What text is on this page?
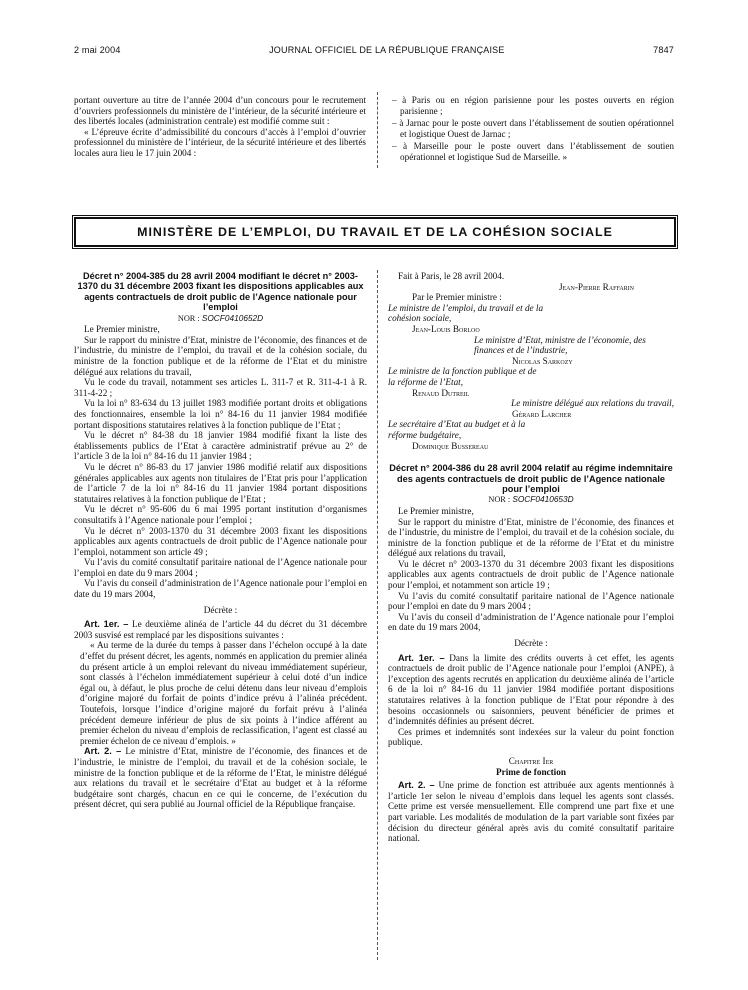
2 mai 2004	JOURNAL OFFICIEL DE LA RÉPUBLIQUE FRANÇAISE	7847

portant ouverture au titre de l’année 2004 d’un concours pour le recrutement d’ouvriers professionnels du ministère de l’intérieur, de la sécurité intérieure et des libertés locales (administration centrale) est modifié comme suit :

« L’épreuve écrite d’admissibilité du concours d’accès à l’emploi d’ouvrier professionnel du ministère de l’intérieur, de la sécurité intérieure et des libertés locales aura lieu le 17 juin 2004 :

– à Paris ou en région parisienne pour les postes ouverts en région parisienne ;

– à Jarnac pour le poste ouvert dans l’établissement de soutien opérationnel et logistique Ouest de Jarnac ;

– à Marseille pour le poste ouvert dans l’établissement de soutien opérationnel et logistique Sud de Marseille. »

MINISTÈRE DE L’EMPLOI, DU TRAVAIL ET DE LA COHÉSION SOCIALE

Décret n° 2004-385 du 28 avril 2004 modifiant le décret n° 2003-1370 du 31 décembre 2003 fixant les dispositions applicables aux agents contractuels de droit public de l’Agence nationale pour l’emploi

NOR : SOCF0410652D

Le Premier ministre,

Sur le rapport du ministre d’Etat, ministre de l’économie, des finances et de l’industrie, du ministre de l’emploi, du travail et de la cohésion sociale, du ministre de la fonction publique et de la réforme de l’Etat et du ministre délégué aux relations du travail,

Vu le code du travail, notamment ses articles L. 311-7 et R. 311-4-1 à R. 311-4-22 ;

Vu la loi n° 83-634 du 13 juillet 1983 modifiée portant droits et obligations des fonctionnaires, ensemble la loi n° 84-16 du 11 janvier 1984 modifiée portant dispositions statutaires relatives à la fonction publique de l’Etat ;

Vu le décret n° 84-38 du 18 janvier 1984 modifié fixant la liste des établissements publics de l’Etat à caractère administratif prévue au 2° de l’article 3 de la loi n° 84-16 du 11 janvier 1984 ;

Vu le décret n° 86-83 du 17 janvier 1986 modifié relatif aux dispositions générales applicables aux agents non titulaires de l’Etat pris pour l’application de l’article 7 de la loi n° 84-16 du 11 janvier 1984 portant dispositions statutaires relatives à la fonction publique de l’Etat ;

Vu le décret n° 95-606 du 6 mai 1995 portant institution d’organismes consultatifs à l’Agence nationale pour l’emploi ;

Vu le décret n° 2003-1370 du 31 décembre 2003 fixant les dispositions applicables aux agents contractuels de droit public de l’Agence nationale pour l’emploi, notamment son article 49 ;

Vu l’avis du comité consultatif paritaire national de l’Agence nationale pour l’emploi en date du 9 mars 2004 ;

Vu l’avis du conseil d’administration de l’Agence nationale pour l’emploi en date du 19 mars 2004,

Décrète :

Art. 1er. – Le deuxième alinéa de l’article 44 du décret du 31 décembre 2003 susvisé est remplacé par les dispositions suivantes :

« Au terme de la durée du temps à passer dans l’échelon occupé à la date d’effet du présent décret, les agents, nommés en application du premier alinéa du présent article à un emploi relevant du niveau immédiatement supérieur, sont classés à l’échelon immédiatement supérieur à celui doté d’un indice égal ou, à défaut, le plus proche de celui détenu dans leur niveau d’emplois d’origine majoré du forfait de points d’indice prévu à l’alinéa précédent. Toutefois, lorsque l’indice d’origine majoré du forfait prévu à l’alinéa précédent demeure inférieur de plus de six points à l’indice afférent au premier échelon du niveau d’emplois de reclassification, l’agent est classé au premier échelon de ce niveau d’emplois. »

Art. 2. – Le ministre d’Etat, ministre de l’économie, des finances et de l’industrie, le ministre de l’emploi, du travail et de la cohésion sociale, le ministre de la fonction publique et de la réforme de l’Etat, le ministre délégué aux relations du travail et le secrétaire d’Etat au budget et à la réforme budgétaire sont chargés, chacun en ce qui le concerne, de l’exécution du présent décret, qui sera publié au Journal officiel de la République française.

Fait à Paris, le 28 avril 2004.

Jean-Pierre Raffarin

Par le Premier ministre :

Le ministre de l’emploi, du travail et de la cohésion sociale,

Jean-Louis Borloo

Le ministre d’Etat, ministre de l’économie, des finances et de l’industrie,

Nicolas Sarkozy

Le ministre de la fonction publique et de la réforme de l’Etat,

Renaud Dutreil

Le ministre délégué aux relations du travail,

Gérard Larcher

Le secrétaire d’Etat au budget et à la réforme budgétaire,

Dominique Bussereau

Décret n° 2004-386 du 28 avril 2004 relatif au régime indemnitaire des agents contractuels de droit public de l’Agence nationale pour l’emploi

NOR : SOCF0410653D

Le Premier ministre,

Sur le rapport du ministre d’Etat, ministre de l’économie, des finances et de l’industrie, du ministre de l’emploi, du travail et de la cohésion sociale, du ministre de la fonction publique et de la réforme de l’Etat et du ministre délégué aux relations du travail,

Vu le décret n° 2003-1370 du 31 décembre 2003 fixant les dispositions applicables aux agents contractuels de droit public de l’Agence nationale pour l’emploi, et notamment son article 19 ;

Vu l’avis du comité consultatif paritaire national de l’Agence nationale pour l’emploi en date du 9 mars 2004 ;

Vu l’avis du conseil d’administration de l’Agence nationale pour l’emploi en date du 19 mars 2004,

Décrète :

Art. 1er. – Dans la limite des crédits ouverts à cet effet, les agents contractuels de droit public de l’Agence nationale pour l’emploi (ANPE), à l’exception des agents recrutés en application du deuxième alinéa de l’article 6 de la loi n° 84-16 du 11 janvier 1984 modifiée portant dispositions statutaires relatives à la fonction publique de l’Etat pour répondre à des besoins occasionnels ou saisonniers, peuvent bénéficier de primes et d’indemnités définies au présent décret.

Ces primes et indemnités sont indexées sur la valeur du point fonction publique.

Chapitre Ier

Prime de fonction

Art. 2. – Une prime de fonction est attribuée aux agents mentionnés à l’article 1er selon le niveau d’emplois dans lequel les agents sont classés. Cette prime est versée mensuellement. Elle comprend une part fixe et une part variable. Les modalités de modulation de la part variable sont fixées par décision du directeur général après avis du comité consultatif paritaire national.
